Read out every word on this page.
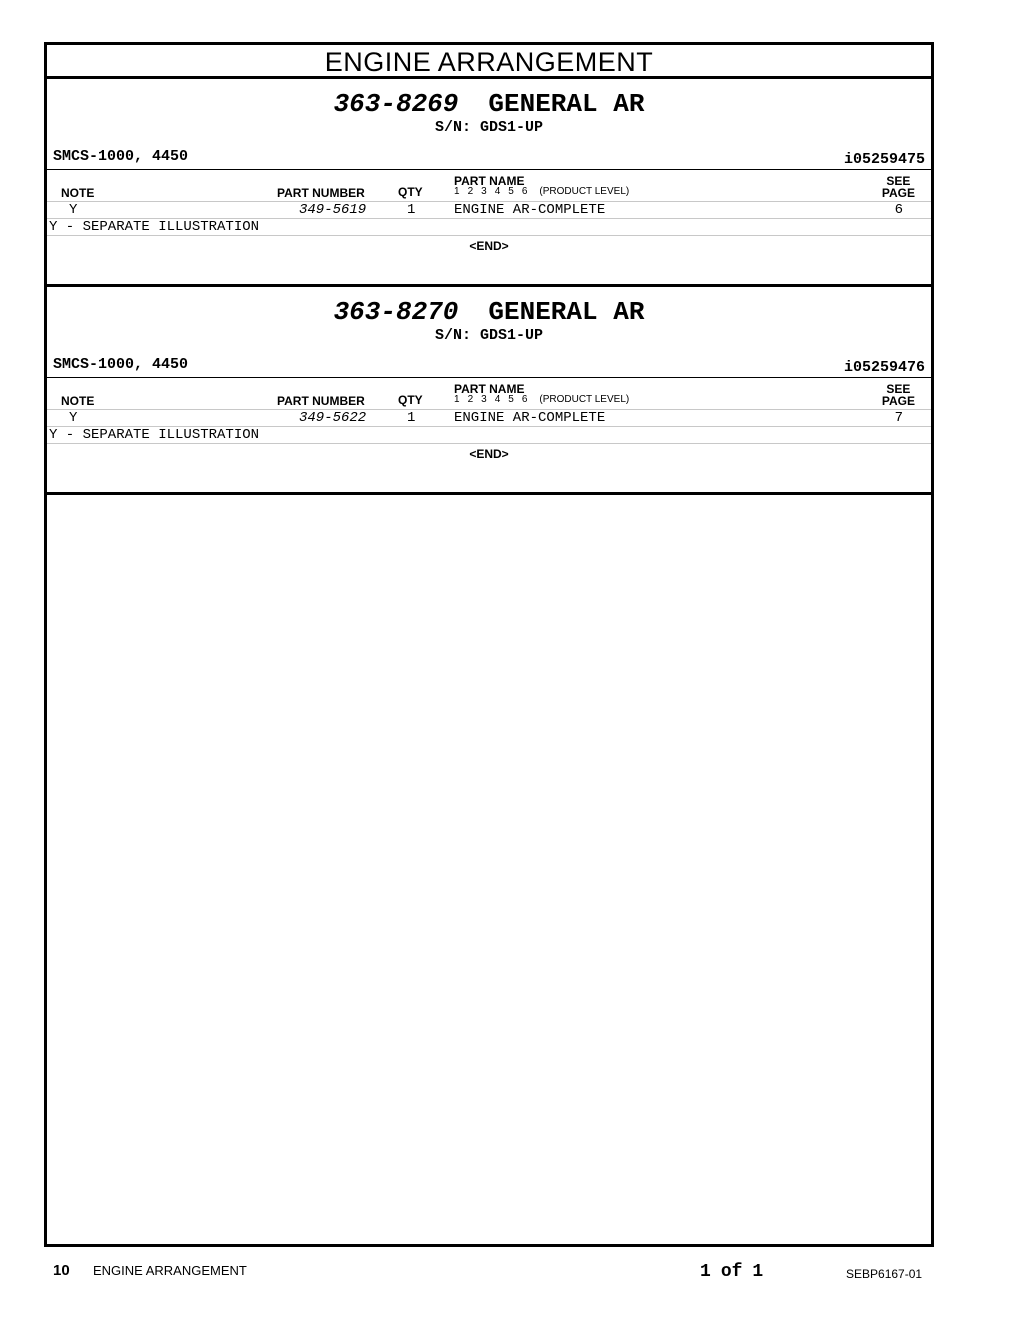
ENGINE ARRANGEMENT
363-8269 GENERAL AR
S/N: GDS1-UP
SMCS-1000, 4450	i05259475
NOTE	PART NUMBER	QTY
PART NAME
1 2 3 4 5 6 (PRODUCT LEVEL)
SEE
PAGE
Y	349-5619	1	ENGINE AR-COMPLETE	6
Y - SEPARATE ILLUSTRATION
<END>
363-8270 GENERAL AR
S/N: GDS1-UP
SMCS-1000, 4450	i05259476
NOTE	PART NUMBER	QTY
PART NAME
1 2 3 4 5 6 (PRODUCT LEVEL)
SEE
PAGE
Y	349-5622	1	ENGINE AR-COMPLETE	7
Y - SEPARATE ILLUSTRATION
<END>
10 ENGINE ARRANGEMENT	1 of 1	SEBP6167-01
